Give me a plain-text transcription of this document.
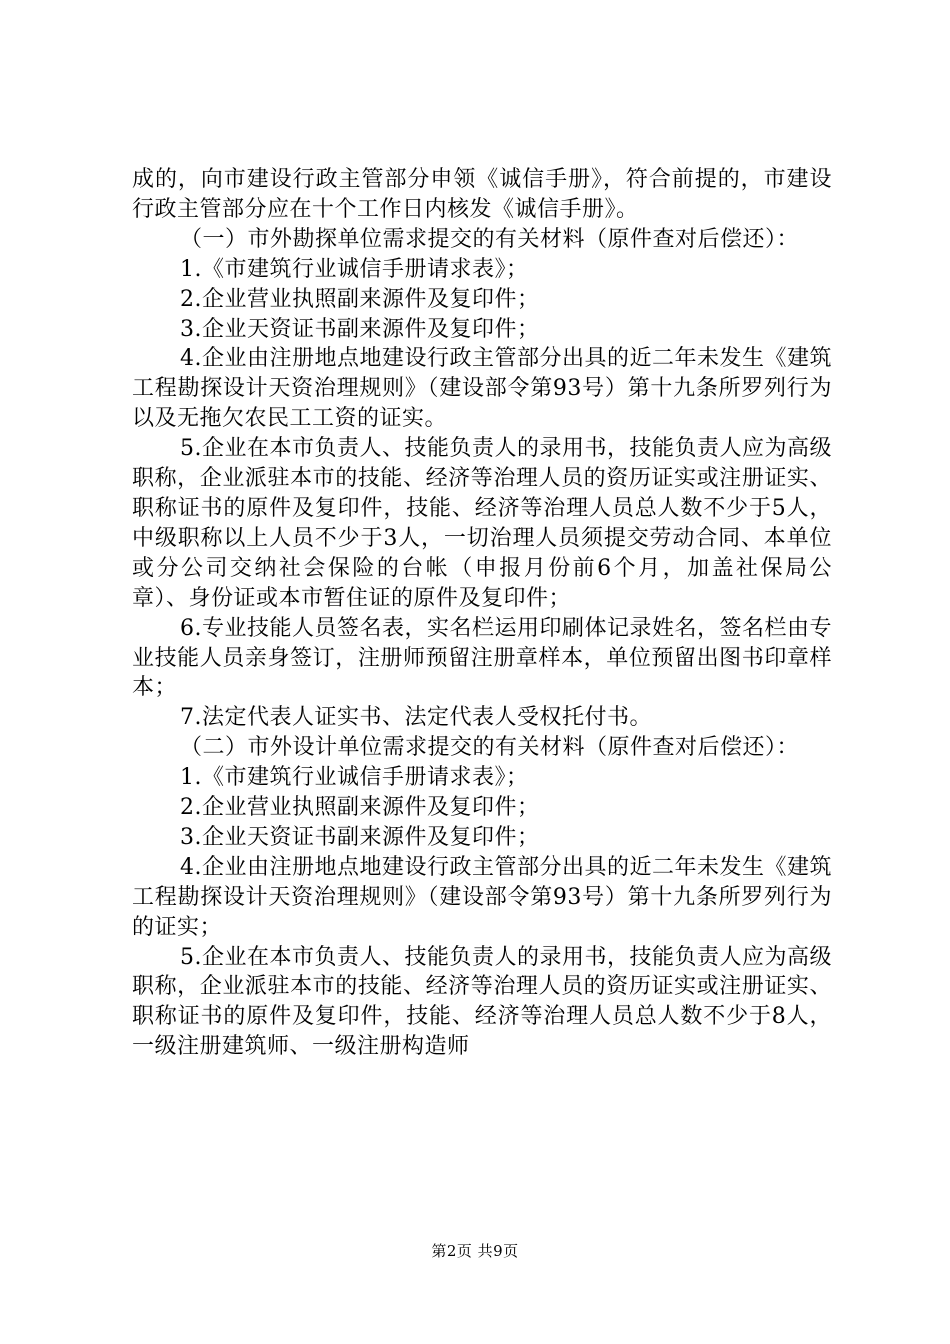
成的，向市建设行政主管部分申领《诚信手册》，符合前提的，市建设行政主管部分应在十个工作日内核发《诚信手册》。

（一）市外勘探单位需求提交的有关材料（原件查对后偿还）：

1.《市建筑行业诚信手册请求表》；

2.企业营业执照副来源件及复印件；

3.企业天资证书副来源件及复印件；

4.企业由注册地点地建设行政主管部分出具的近二年未发生《建筑工程勘探设计天资治理规则》（建设部令第93号）第十九条所罗列行为以及无拖欠农民工工资的证实。

5.企业在本市负责人、技能负责人的录用书，技能负责人应为高级职称，企业派驻本市的技能、经济等治理人员的资历证实或注册证实、职称证书的原件及复印件，技能、经济等治理人员总人数不少于5人，中级职称以上人员不少于3人，一切治理人员须提交劳动合同、本单位或分公司交纳社会保险的台帐（申报月份前6个月，加盖社保局公章）、身份证或本市暂住证的原件及复印件；

6.专业技能人员签名表，实名栏运用印刷体记录姓名，签名栏由专业技能人员亲身签订，注册师预留注册章样本，单位预留出图书印章样本；

7.法定代表人证实书、法定代表人受权托付书。

（二）市外设计单位需求提交的有关材料（原件查对后偿还）：

1.《市建筑行业诚信手册请求表》；

2.企业营业执照副来源件及复印件；

3.企业天资证书副来源件及复印件；

4.企业由注册地点地建设行政主管部分出具的近二年未发生《建筑工程勘探设计天资治理规则》（建设部令第93号）第十九条所罗列行为的证实；

5.企业在本市负责人、技能负责人的录用书，技能负责人应为高级职称，企业派驻本市的技能、经济等治理人员的资历证实或注册证实、职称证书的原件及复印件，技能、经济等治理人员总人数不少于8人，一级注册建筑师、一级注册构造师

第2页 共9页
